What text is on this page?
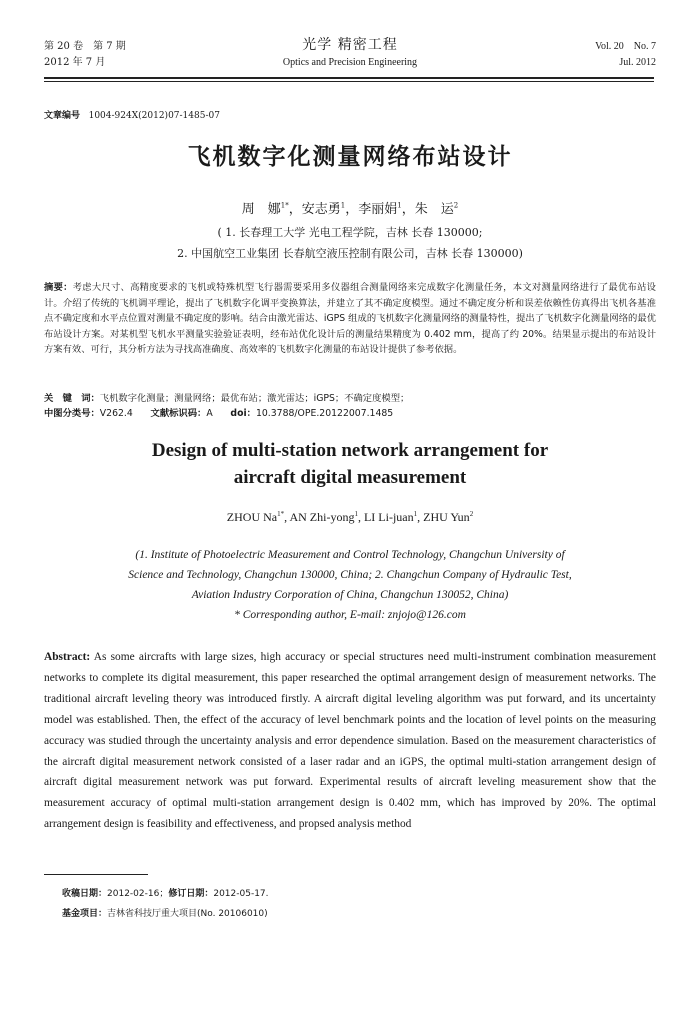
第 20 卷　第 7 期
2012 年 7 月
光学 精密工程
Optics and Precision Engineering
Vol. 20　No. 7
Jul. 2012
文章编号 1004-924X(2012)07-1485-07
飞机数字化测量网络布站设计
周　娜$^{1*}$，安志勇$^1$，李丽娟$^1$，朱　运$^2$
( 1. 长春理工大学 光电工程学院，吉林 长春 130000;
2. 中国航空工业集团 长春航空液压控制有限公司，吉林 长春 130000)
摘要：考虑大尺寸、高精度要求的飞机或特殊机型飞行器需要采用多仪器组合测量网络来完成数字化测量任务，本文对测量网络进行了最优布站设计。介绍了传统的飞机调平理论，提出了飞机数字化调平变换算法，并建立了其不确定度模型。通过不确定度分析和误差依赖性仿真得出飞机各基准点不确定度和水平点位置对测量不确定度的影响。结合由激光雷达、iGPS 组成的飞机数字化测量网络的测量特性，提出了飞机数字化测量网络的最优布站设计方案。对某机型飞机水平测量实验验证表明，经布站优化设计后的测量结果精度为 0.402 mm，提高了约 20%。结果显示提出的布站设计方案有效、可行，其分析方法为寻找高准确度、高效率的飞机数字化测量的布站设计提供了参考依据。
关　键　词：飞机数字化测量；测量网络；最优布站；激光雷达；iGPS；不确定度模型；
中图分类号：V262.4 文献标识码：A doi：10.3788/OPE.20122007.1485
Design of multi-station network arrangement for
aircraft digital measurement
ZHOU $Na^{1*}$, AN Zhi-yong$^1$, LI Li-juan$^1$, ZHU Yun$^2$
(1. Institute of Photoelectric Measurement and Control Technology, Changchun University of
Science and Technology, Changchun 130000, China; 2. Changchun Company of Hydraulic Test,
Aviation Industry Corporation of China, Changchun 130052, China)
* Corresponding author, E-mail: znjojo@126.com
Abstract: As some aircrafts with large sizes, high accuracy or special structures need multi-instrument combination measurement networks to complete its digital measurement, this paper researched the optimal arrangement design of measurement networks. The traditional aircraft leveling theory was introduced firstly. A aircraft digital leveling algorithm was put forward, and its uncertainty model was established. Then, the effect of the accuracy of level benchmark points and the location of level points on the measuring accuracy was studied through the uncertainty analysis and error dependence simulation. Based on the measurement characteristics of the aircraft digital measurement network consisted of a laser radar and an iGPS, the optimal multi-station arrangement design of aircraft digital measurement network was put forward. Experimental results of aircraft leveling measurement show that the measurement accuracy of optimal multi-station arrangement design is 0.402 mm, which has improved by 20%. The optimal arrangement design is feasibility and effectiveness, and propsed analysis method
收稿日期：2012-02-16；修订日期：2012-05-17.
基金项目：吉林省科技厅重大项目(No. 20106010)
